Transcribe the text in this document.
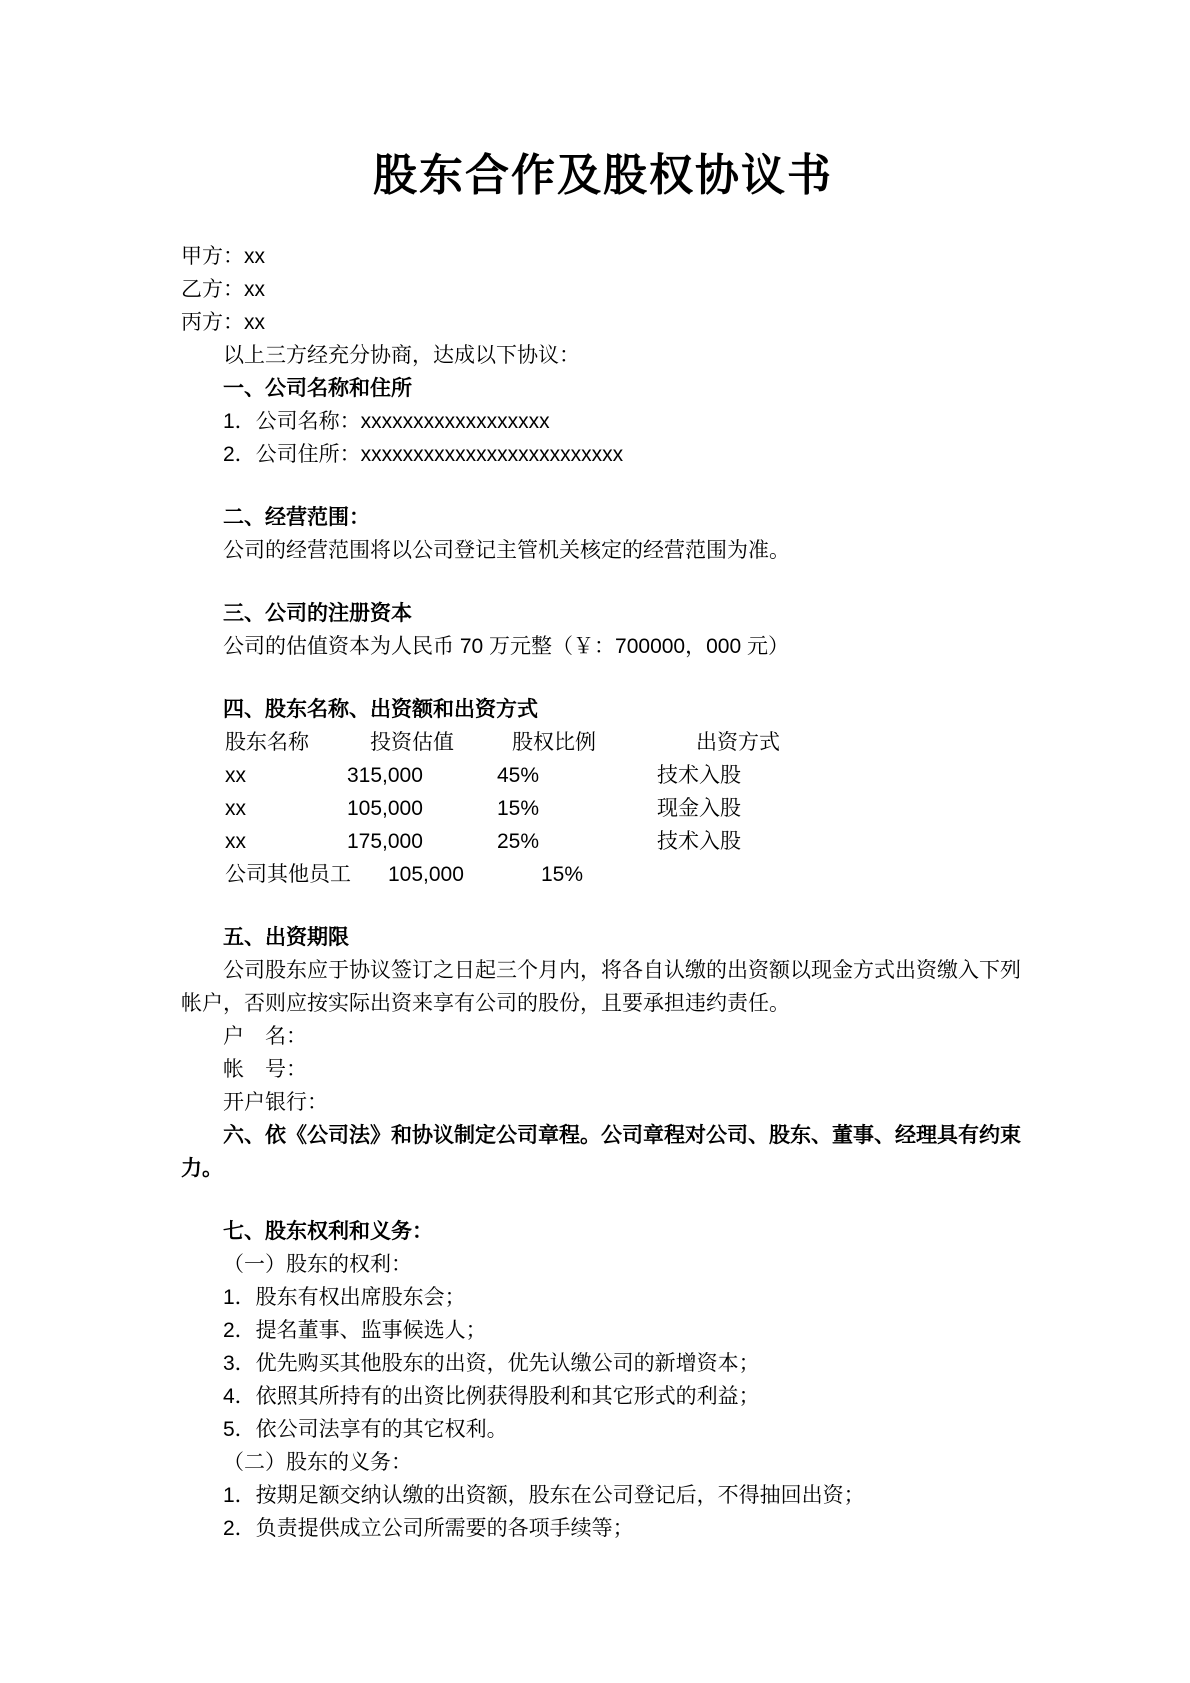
股东合作及股权协议书
甲方：xx
乙方：xx
丙方：xx
以上三方经充分协商，达成以下协议：
一、公司名称和住所
1．公司名称：xxxxxxxxxxxxxxxxxx
2．公司住所：xxxxxxxxxxxxxxxxxxxxxxxxx
二、经营范围：
公司的经营范围将以公司登记主管机关核定的经营范围为准。
三、公司的注册资本
公司的估值资本为人民币 70 万元整（￥：700000，000 元）
四、股东名称、出资额和出资方式
股东名称	投资估值	股权比例	出资方式
xx	315,000	45%	技术入股
xx	105,000	15%	现金入股
xx	175,000	25%	技术入股
公司其他员工	105,000	15%
五、出资期限

公司股东应于协议签订之日起三个月内，将各自认缴的出资额以现金方式出资缴入下列帐户，否则应按实际出资来享有公司的股份，且要承担违约责任。

户　名：
帐　号：
开户银行：

六、依《公司法》和协议制定公司章程。公司章程对公司、股东、董事、经理具有约束力。

七、股东权利和义务：
（一）股东的权利：
1．股东有权出席股东会；
2．提名董事、监事候选人；
3．优先购买其他股东的出资，优先认缴公司的新增资本；
4．依照其所持有的出资比例获得股利和其它形式的利益；
5．依公司法享有的其它权利。
（二）股东的义务：
1．按期足额交纳认缴的出资额，股东在公司登记后，不得抽回出资；
2．负责提供成立公司所需要的各项手续等；
